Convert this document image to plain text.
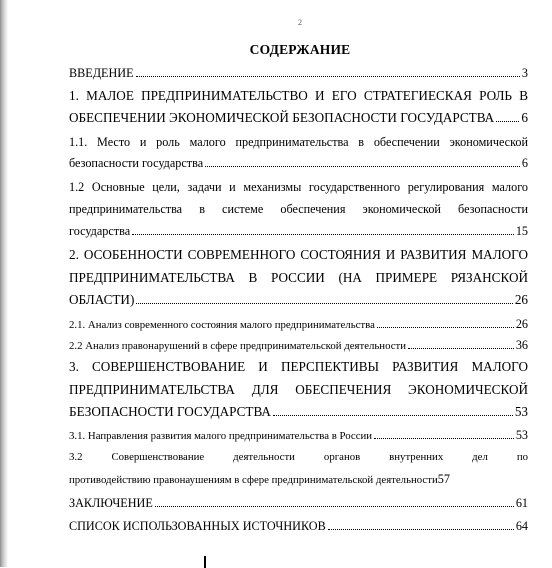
2
СОДЕРЖАНИЕ
ВВЕДЕНИЕ	3
1. МАЛОЕ ПРЕДПРИНИМАТЕЛЬСТВО И ЕГО СТРАТЕГИЕСКАЯ РОЛЬ В
ОБЕСПЕЧЕНИИ ЭКОНОМИЧЕСКОЙ БЕЗОПАСНОСТИ ГОСУДАРСТВА 6
1.1. Место и роль малого предпринимательства в обеспечении экономической
безопасности государства	6
1.2 Основные цели, задачи и механизмы государственного регулирования малого
предпринимательства в системе обеспечения экономической безопасности
государства	15
2. ОСОБЕННОСТИ СОВРЕМЕННОГО СОСТОЯНИЯ И РАЗВИТИЯ МАЛОГО
ПРЕДПРИНИМАТЕЛЬСТВА В РОССИИ (НА ПРИМЕРЕ РЯЗАНСКОЙ
ОБЛАСТИ)	26
2.1. Анализ современного состояния малого предпринимательства	26
2.2 Анализ правонарушений в сфере предпринимательской деятельности	36
3. СОВЕРШЕНСТВОВАНИЕ И ПЕРСПЕКТИВЫ РАЗВИТИЯ МАЛОГО
ПРЕДПРИНИМАТЕЛЬСТВА ДЛЯ ОБЕСПЕЧЕНИЯ ЭКОНОМИЧЕСКОЙ
БЕЗОПАСНОСТИ ГОСУДАРСТВА	53
3.1. Направления развития малого предпринимательства в России	53
3.2 Совершенствование деятельности органов внутренних дел по
противодействию правонаушениям в сфере предпринимательской деятельности 57
ЗАКЛЮЧЕНИЕ	61
СПИСОК ИСПОЛЬЗОВАННЫХ ИСТОЧНИКОВ	64
